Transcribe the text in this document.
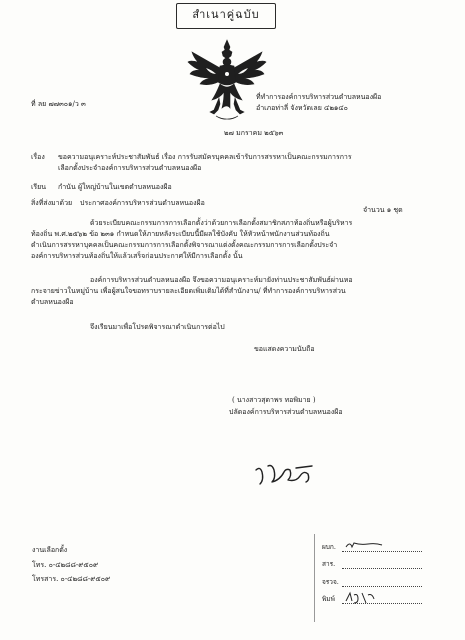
สำเนาคู่ฉบับ
ที่ ลย ๗๗๓๐๑/ว ๓
ที่ทำการองค์การบริหารส่วนตำบลหนองผือ
อำเภอท่าลี่ จังหวัดเลย ๔๒๑๔๐
๒๗ มกราคม ๒๕๖๓
เรื่อง ขอความอนุเคราะห์ประชาสัมพันธ์ เรื่อง การรับสมัครบุคคลเข้ารับการสรรหาเป็นคณะกรรมการการ
เลือกตั้งประจำองค์การบริหารส่วนตำบลหนองผือ
เรียน กำนัน ผู้ใหญ่บ้านในเขตตำบลหนองผือ
สิ่งที่ส่งมาด้วย ประกาศองค์การบริหารส่วนตำบลหนองผือ
จำนวน ๑ ชุด
ด้วยระเบียบคณะกรรมการการเลือกตั้งว่าด้วยการเลือกตั้งสมาชิกสภาท้องถิ่นหรือผู้บริหาร
ท้องถิ่น พ.ศ.๒๕๖๒ ข้อ ๒๓๑ กำหนดให้ภายหลังระเบียบนี้มีผลใช้บังคับ ให้หัวหน้าพนักงานส่วนท้องถิ่น
ดำเนินการสรรหาบุคคลเป็นคณะกรรมการการเลือกตั้งพิจารณาแต่งตั้งคณะกรรมการการเลือกตั้งประจำ
องค์การบริหารส่วนท้องถิ่นให้แล้วเสร็จก่อนประกาศให้มีการเลือกตั้ง นั้น
องค์การบริหารส่วนตำบลหนองผือ จึงขอความอนุเคราะห์มายังท่านประชาสัมพันธ์ผ่านหอ
กระจายข่าวในหมู่บ้าน เพื่อผู้สนใจขอทราบรายละเอียดเพิ่มเติมได้ที่สำนักงาน/ ที่ทำการองค์การบริหารส่วน
ตำบลหนองผือ
จึงเรียนมาเพื่อโปรดพิจารณาดำเนินการต่อไป
ขอแสดงความนับถือ
( นางสาวสุดาพร ทอพิมาย )
ปลัดองค์การบริหารส่วนตำบลหนองผือ
งานเลือกตั้ง
โทร. ๐-๔๒๘๘-๙๕๐๙
โทรสาร. ๐-๔๒๘๘-๙๕๐๙
ผบก.
สาร.
จรวจ.
พิมพ์
